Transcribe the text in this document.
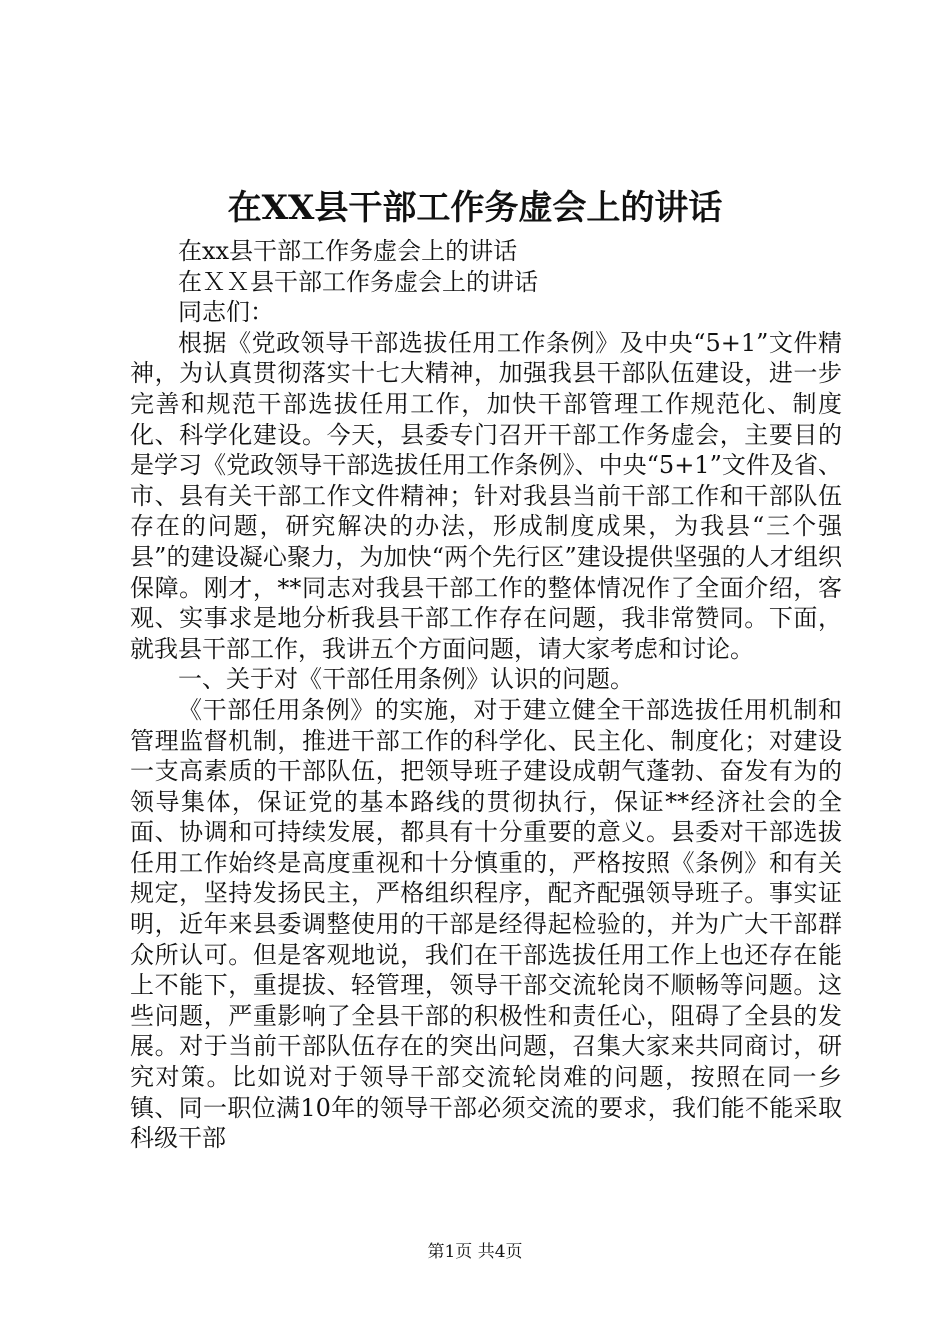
在XX县干部工作务虚会上的讲话

在xx县干部工作务虚会上的讲话

在ＸＸ县干部工作务虚会上的讲话

同志们：

根据《党政领导干部选拔任用工作条例》及中央“5+1”文件精神，为认真贯彻落实十七大精神，加强我县干部队伍建设，进一步完善和规范干部选拔任用工作，加快干部管理工作规范化、制度化、科学化建设。今天，县委专门召开干部工作务虚会，主要目的是学习《党政领导干部选拔任用工作条例》、中央“5+1”文件及省、市、县有关干部工作文件精神；针对我县当前干部工作和干部队伍存在的问题，研究解决的办法，形成制度成果，为我县“三个强县”的建设凝心聚力，为加快“两个先行区”建设提供坚强的人才组织保障。刚才，**同志对我县干部工作的整体情况作了全面介绍，客观、实事求是地分析我县干部工作存在问题，我非常赞同。下面，就我县干部工作，我讲五个方面问题，请大家考虑和讨论。

一、关于对《干部任用条例》认识的问题。

《干部任用条例》的实施，对于建立健全干部选拔任用机制和管理监督机制，推进干部工作的科学化、民主化、制度化；对建设一支高素质的干部队伍，把领导班子建设成朝气蓬勃、奋发有为的领导集体，保证党的基本路线的贯彻执行，保证**经济社会的全面、协调和可持续发展，都具有十分重要的意义。县委对干部选拔任用工作始终是高度重视和十分慎重的，严格按照《条例》和有关规定，坚持发扬民主，严格组织程序，配齐配强领导班子。事实证明，近年来县委调整使用的干部是经得起检验的，并为广大干部群众所认可。但是客观地说，我们在干部选拔任用工作上也还存在能上不能下，重提拔、轻管理，领导干部交流轮岗不顺畅等问题。这些问题，严重影响了全县干部的积极性和责任心，阻碍了全县的发展。对于当前干部队伍存在的突出问题，召集大家来共同商讨，研究对策。比如说对于领导干部交流轮岗难的问题，按照在同一乡镇、同一职位满10年的领导干部必须交流的要求，我们能不能采取科级干部

第1页 共4页
